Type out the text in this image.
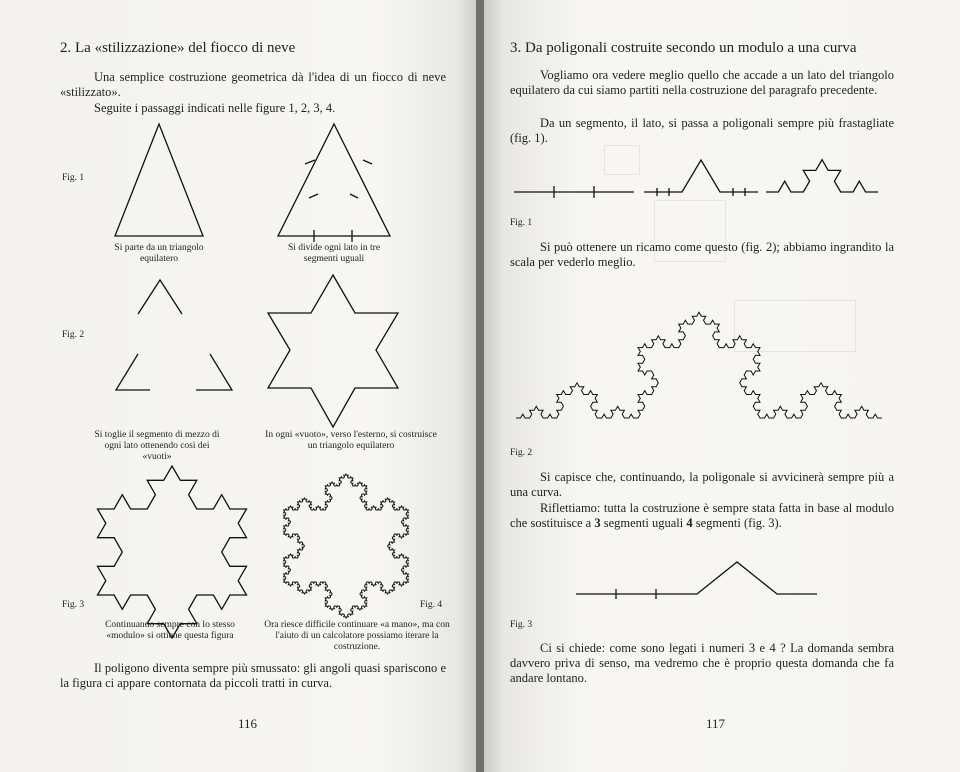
2. La «stilizzazione» del fiocco di neve

Una semplice costruzione geometrica dà l'idea di un fiocco di neve «stilizzato».

Seguite i passaggi indicati nelle figure 1, 2, 3, 4.

Fig. 1

Fig. 2

Fig. 3	Fig. 4

Si parte da un triangolo equilatero

Si divide ogni lato in tre segmenti uguali

Si toglie il segmento di mezzo di ogni lato ottenendo così dei «vuoti»

In ogni «vuoto», verso l'esterno, si costruisce un triangolo equilatero

Continuando sempre con lo stesso «modulo» si ottiene questa figura

Ora riesce difficile continuare «a mano», ma con l'aiuto di un calcolatore possiamo iterare la costruzione.

Il poligono diventa sempre più smussato: gli angoli quasi spariscono e la figura ci appare contornata da piccoli tratti in curva.

116

3. Da poligonali costruite secondo un modulo a una curva

Vogliamo ora vedere meglio quello che accade a un lato del triangolo equilatero da cui siamo partiti nella costruzione del paragrafo precedente.

Da un segmento, il lato, si passa a poligonali sempre più frastagliate (fig. 1).

Fig. 1

Si può ottenere un ricamo come questo (fig. 2); abbiamo ingrandito la scala per vederlo meglio.

Fig. 2

Si capisce che, continuando, la poligonale si avvicinerà sempre più a una curva.

Riflettiamo: tutta la costruzione è sempre stata fatta in base al modulo che sostituisce a 3 segmenti uguali 4 segmenti (fig. 3).

Fig. 3

Ci si chiede: come sono legati i numeri 3 e 4 ? La domanda sembra davvero priva di senso, ma vedremo che è proprio questa domanda che fa andare lontano.

117
